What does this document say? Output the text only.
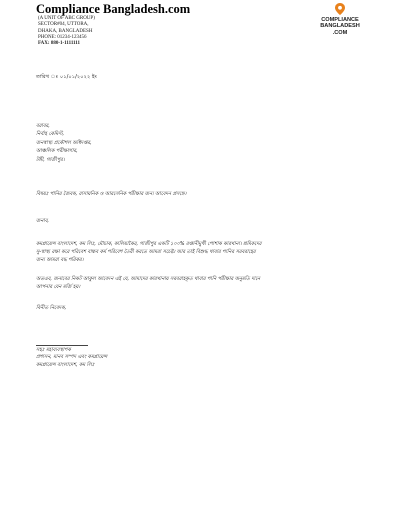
Compliance Bangladesh.com
(A UNIT OF ABC GROUP)
SECTOR#04, UTTORA,
DHAKA, BANGLADESH
PHONE: 01234-123456
FAX: 880-1-1111111
COMPLIANCE
BANGLADESH
.COM
তারিখ ঃ ০১/০১/২০২২ ইং
বরাবর,
নির্বাহ কেমিস্ট,
জনস্বাস্থ্য প্রকৌশল অধিদপ্তর,
আঞ্চলিক পরীক্ষাগার,
টঙ্গী, গাজীপুর।
বিষয়ঃ পানির জৈবক, রাসায়নিক ও আরসেনিক পরীক্ষার জন্য আবেদন প্রসঙ্গে।
জনাব,
কমপ্লায়েন্স বাংলাদেশ, কম লিঃ, মৌচাক, কালিয়াকৈর, গাজীপুর একটি ১০০% রপ্তানীমুখী পোশাক কারখানা। শ্রমিকদের
সু-স্বাস্থ্য রক্ষা করে পরিবেশ বান্ধব কর্ম পরিবেশ তৈরী করতে আমরা সচেষ্ট। আর তাই বিশুদ্ধ খাবার পানির সরবরাহের
জন্য আমরা বদ্ধ পরিকর।
অতএব, জনাবের নিকট আকুল আবেদন এই যে, আমাদের কারখানায় সরবরাহকৃত খাবার পানি পরীক্ষার অনুমতি দানে
আপনার যেন মর্জি হয়।
বিনীত নিবেদক,
সহঃ মহাব্যবস্থাপক
প্রশাসন, মানব সম্পদ এবং কমপ্লায়েন্স
কমপ্লায়েন্স বাংলাদেশ, কম লিঃ
